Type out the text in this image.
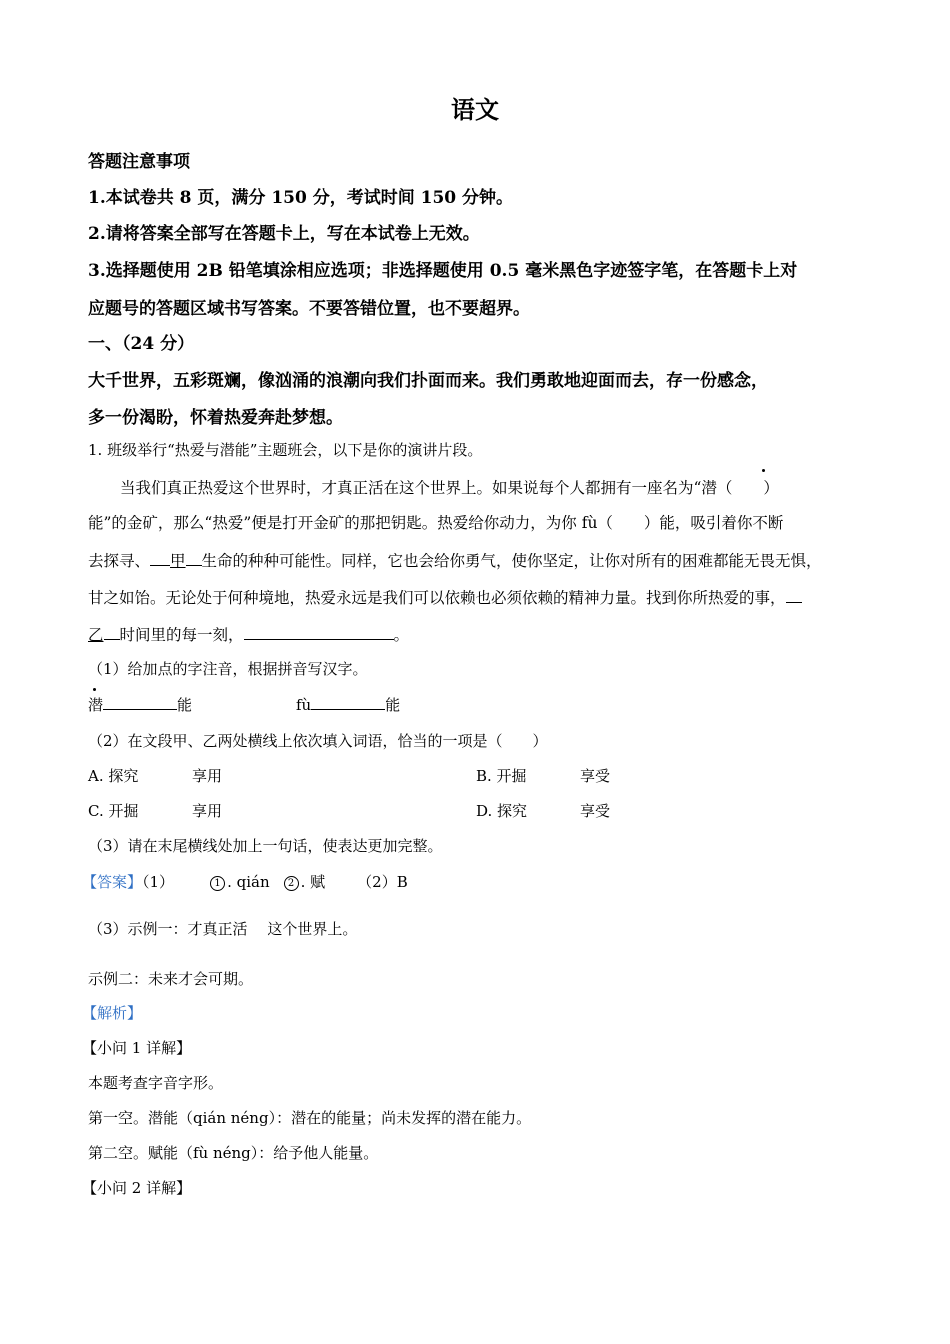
语文
答题注意事项
1.本试卷共 8 页，满分 150 分，考试时间 150 分钟。
2.请将答案全部写在答题卡上，写在本试卷上无效。
3.选择题使用 2B 铅笔填涂相应选项；非选择题使用 0.5 毫米黑色字迹签字笔，在答题卡上对
应题号的答题区域书写答案。不要答错位置，也不要超界。
一、（24 分）
大千世界，五彩斑斓，像汹涌的浪潮向我们扑面而来。我们勇敢地迎面而去，存一份感念，
多一份渴盼，怀着热爱奔赴梦想。
1. 班级举行“热爱与潜能”主题班会，以下是你的演讲片段。
当我们真正热爱这个世界时，才真正活在这个世界上。如果说每个人都拥有一座名为“潜（　　）
能”的金矿，那么“热爱”便是打开金矿的那把钥匙。热爱给你动力，为你 fù（　　）能，吸引着你不断
去探寻、 甲 生命的种种可能性。同样，它也会给你勇气，使你坚定，让你对所有的困难都能无畏无惧，
甘之如饴。无论处于何种境地，热爱永远是我们可以依赖也必须依赖的精神力量。找到你所热爱的事，
乙 时间里的每一刻，	。
（1）给加点的字注音，根据拼音写汉字。
潜	能	fù	能
（2）在文段甲、乙两处横线上依次填入词语，恰当的一项是（　　）
A. 探究	享用	B. 开掘	享受
C. 开掘	享用	D. 探究	享受
（3）请在末尾横线处加上一句话，使表达更加完整。
【答案】（1）	1 . qián 2 . 赋 （2）B
（3）示例一：才真正活　 这个世界上。
示例二：未来才会可期。
【解析】
【小问 1 详解】
本题考查字音字形。
第一空。潜能（qián néng）：潜在的能量；尚未发挥的潜在能力。
第二空。赋能（fù néng）：给予他人能量。
【小问 2 详解】
